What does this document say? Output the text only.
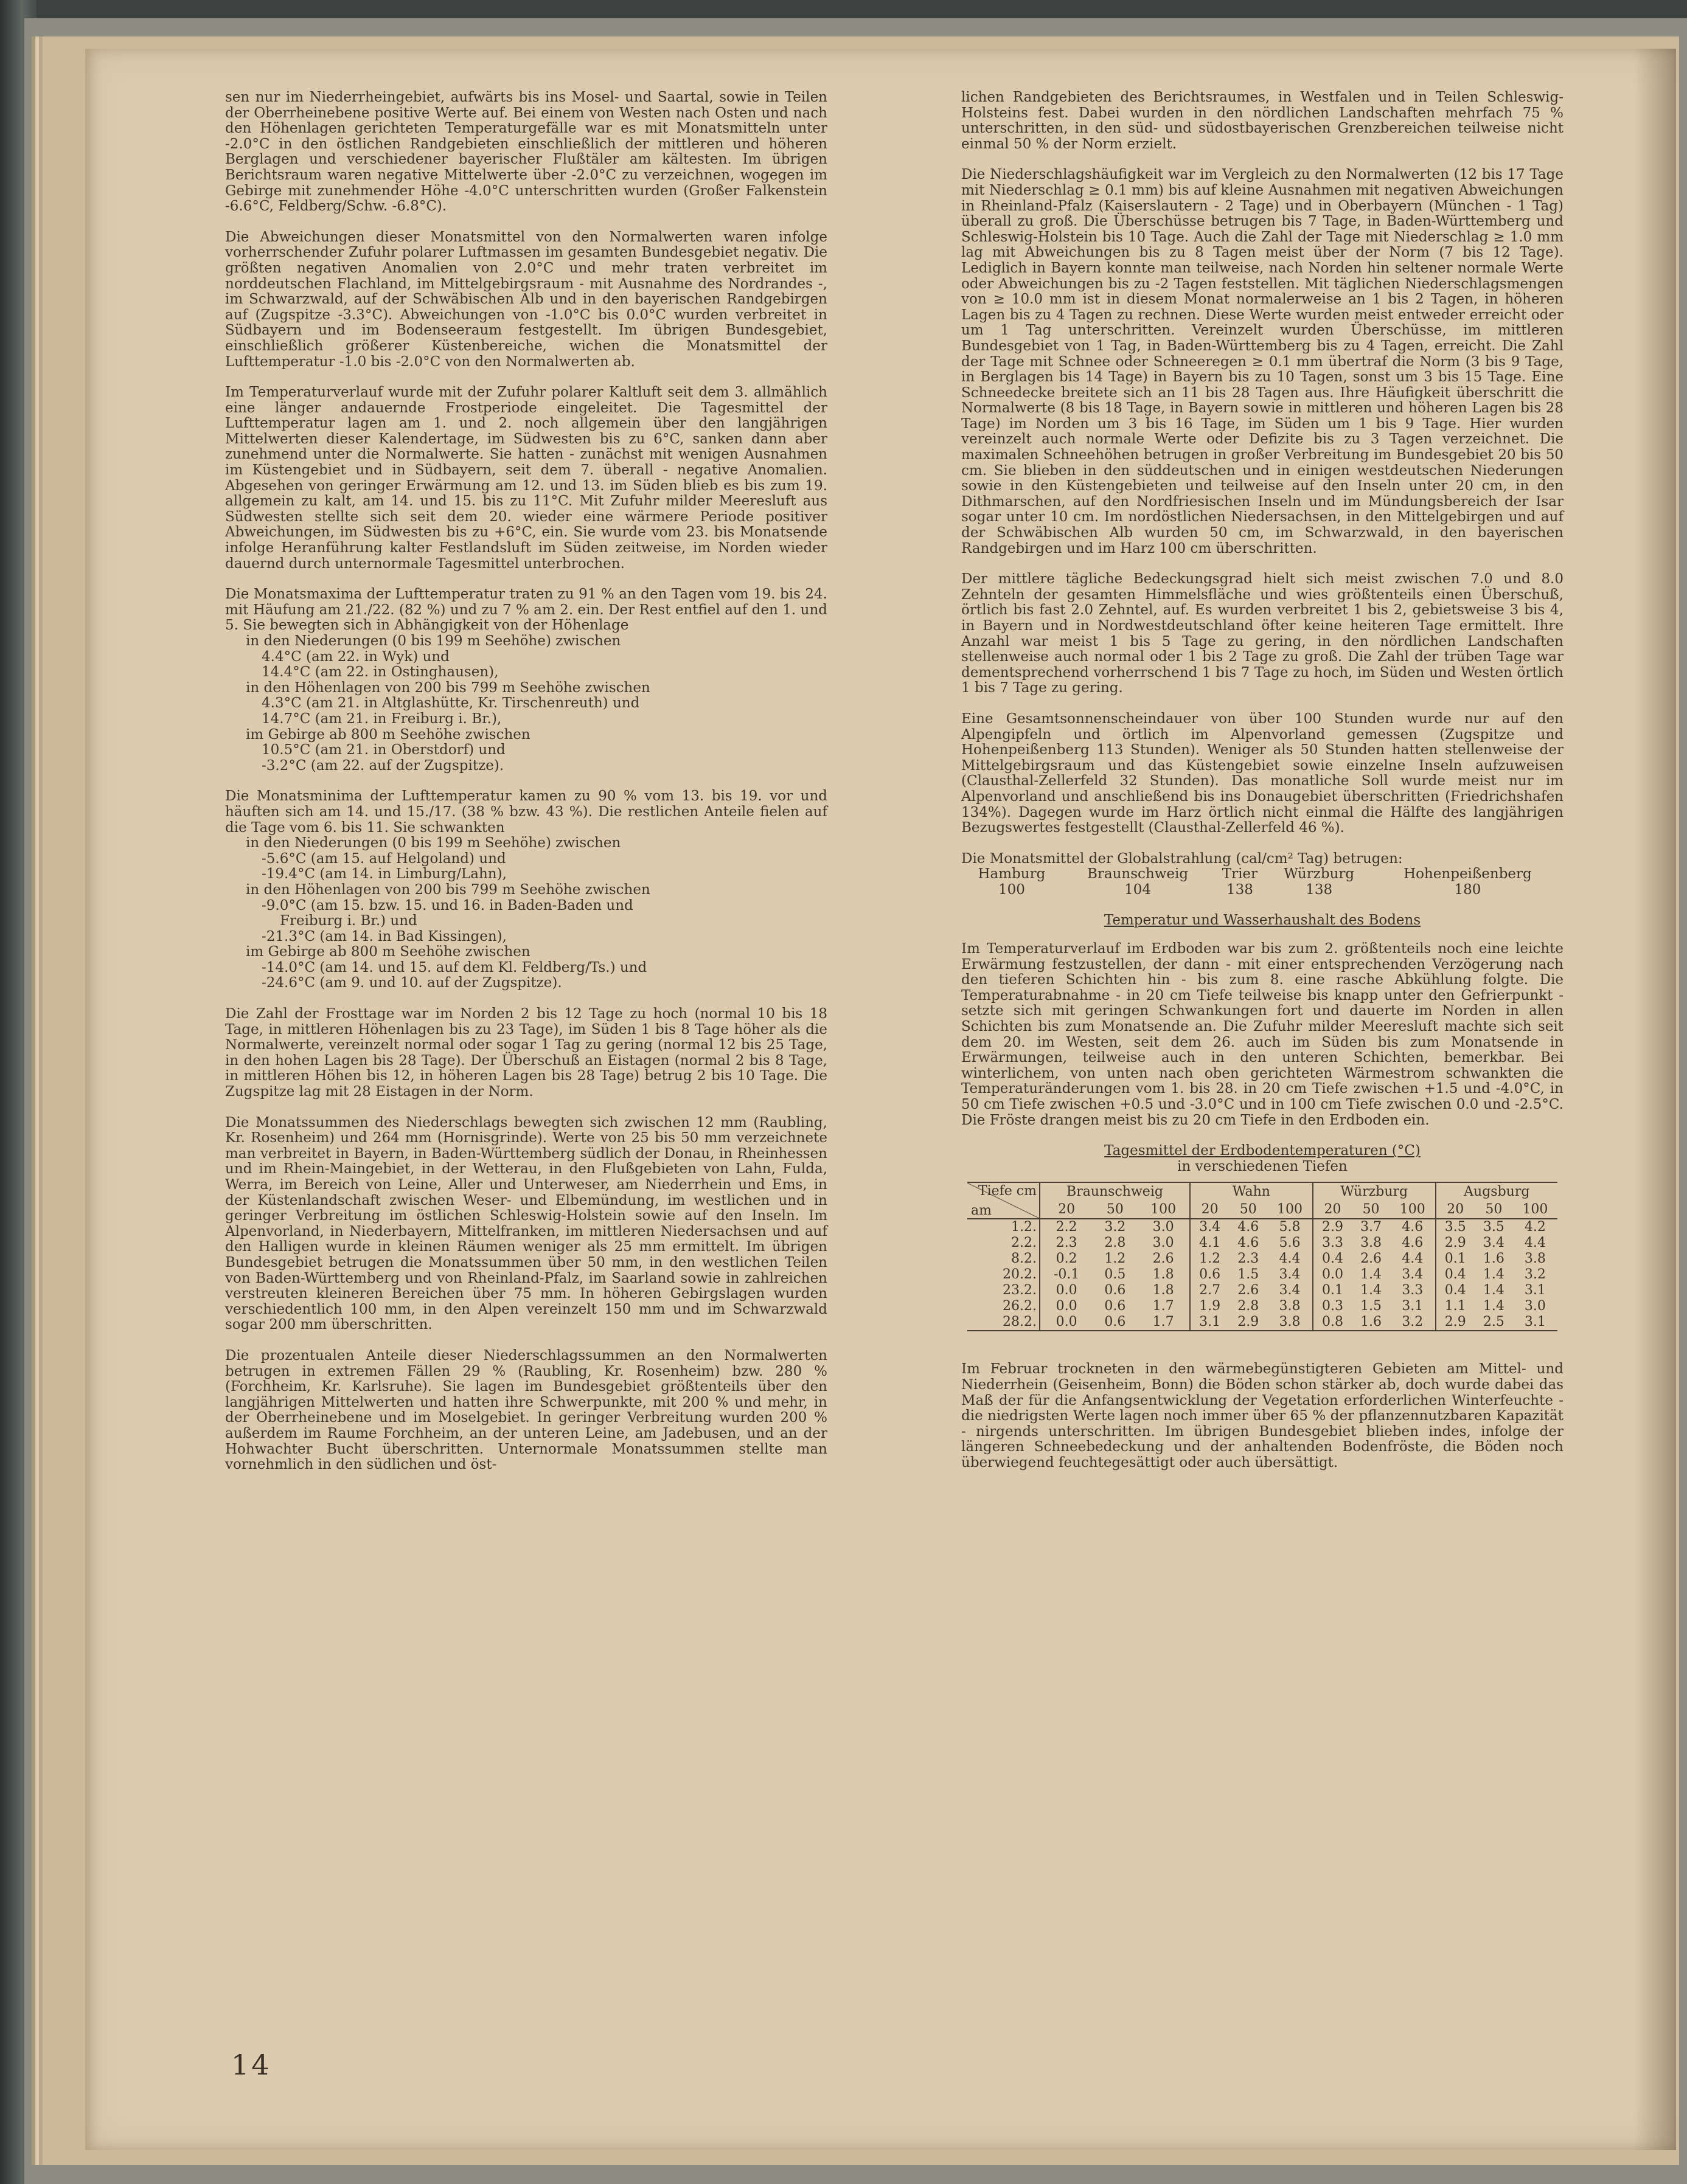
sen nur im Niederrheingebiet, aufwärts bis ins Mosel- und Saartal, sowie in Teilen der Oberrheinebene positive Werte auf. Bei einem von Westen nach Osten und nach den Höhenlagen gerichteten Temperaturgefälle war es mit Monatsmitteln unter -2.0°C in den östlichen Randgebieten einschließlich der mittleren und höheren Berglagen und verschiedener bayerischer Flußtäler am kältesten. Im übrigen Berichtsraum waren negative Mittelwerte über -2.0°C zu verzeichnen, wogegen im Gebirge mit zunehmender Höhe -4.0°C unterschritten wurden (Großer Falkenstein -6.6°C, Feldberg/Schw. -6.8°C).

Die Abweichungen dieser Monatsmittel von den Normalwerten waren infolge vorherrschender Zufuhr polarer Luftmassen im gesamten Bundesgebiet negativ. Die größten negativen Anomalien von 2.0°C und mehr traten verbreitet im norddeutschen Flachland, im Mittelgebirgsraum - mit Ausnahme des Nordrandes -, im Schwarzwald, auf der Schwäbischen Alb und in den bayerischen Randgebirgen auf (Zugspitze -3.3°C). Abweichungen von -1.0°C bis 0.0°C wurden verbreitet in Südbayern und im Bodenseeraum festgestellt. Im übrigen Bundesgebiet, einschließlich größerer Küstenbereiche, wichen die Monatsmittel der Lufttemperatur -1.0 bis -2.0°C von den Normalwerten ab.

Im Temperaturverlauf wurde mit der Zufuhr polarer Kaltluft seit dem 3. allmählich eine länger andauernde Frostperiode eingeleitet. Die Tagesmittel der Lufttemperatur lagen am 1. und 2. noch allgemein über den langjährigen Mittelwerten dieser Kalendertage, im Südwesten bis zu 6°C, sanken dann aber zunehmend unter die Normalwerte. Sie hatten - zunächst mit wenigen Ausnahmen im Küstengebiet und in Südbayern, seit dem 7. überall - negative Anomalien. Abgesehen von geringer Erwärmung am 12. und 13. im Süden blieb es bis zum 19. allgemein zu kalt, am 14. und 15. bis zu 11°C. Mit Zufuhr milder Meeresluft aus Südwesten stellte sich seit dem 20. wieder eine wärmere Periode positiver Abweichungen, im Südwesten bis zu +6°C, ein. Sie wurde vom 23. bis Monatsende infolge Heranführung kalter Festlandsluft im Süden zeitweise, im Norden wieder dauernd durch unternormale Tagesmittel unterbrochen.

Die Monatsmaxima der Lufttemperatur traten zu 91 % an den Tagen vom 19. bis 24. mit Häufung am 21./22. (82 %) und zu 7 % am 2. ein. Der Rest entfiel auf den 1. und 5. Sie bewegten sich in Abhängigkeit von der Höhenlage

in den Niederungen (0 bis 199 m Seehöhe) zwischen
4.4°C (am 22. in Wyk) und
14.4°C (am 22. in Ostinghausen),
in den Höhenlagen von 200 bis 799 m Seehöhe zwischen
4.3°C (am 21. in Altglashütte, Kr. Tirschenreuth) und
14.7°C (am 21. in Freiburg i. Br.),
im Gebirge ab 800 m Seehöhe zwischen
10.5°C (am 21. in Oberstdorf) und
-3.2°C (am 22. auf der Zugspitze).

Die Monatsminima der Lufttemperatur kamen zu 90 % vom 13. bis 19. vor und häuften sich am 14. und 15./17. (38 % bzw. 43 %). Die restlichen Anteile fielen auf die Tage vom 6. bis 11. Sie schwankten

in den Niederungen (0 bis 199 m Seehöhe) zwischen
-5.6°C (am 15. auf Helgoland) und
-19.4°C (am 14. in Limburg/Lahn),
in den Höhenlagen von 200 bis 799 m Seehöhe zwischen
-9.0°C (am 15. bzw. 15. und 16. in Baden-Baden und
Freiburg i. Br.) und
-21.3°C (am 14. in Bad Kissingen),
im Gebirge ab 800 m Seehöhe zwischen
-14.0°C (am 14. und 15. auf dem Kl. Feldberg/Ts.) und
-24.6°C (am 9. und 10. auf der Zugspitze).

Die Zahl der Frosttage war im Norden 2 bis 12 Tage zu hoch (normal 10 bis 18 Tage, in mittleren Höhenlagen bis zu 23 Tage), im Süden 1 bis 8 Tage höher als die Normalwerte, vereinzelt normal oder sogar 1 Tag zu gering (normal 12 bis 25 Tage, in den hohen Lagen bis 28 Tage). Der Überschuß an Eistagen (normal 2 bis 8 Tage, in mittleren Höhen bis 12, in höheren Lagen bis 28 Tage) betrug 2 bis 10 Tage. Die Zugspitze lag mit 28 Eistagen in der Norm.

Die Monatssummen des Niederschlags bewegten sich zwischen 12 mm (Raubling, Kr. Rosenheim) und 264 mm (Hornisgrinde). Werte von 25 bis 50 mm verzeichnete man verbreitet in Bayern, in Baden-Württemberg südlich der Donau, in Rheinhessen und im Rhein-Maingebiet, in der Wetterau, in den Flußgebieten von Lahn, Fulda, Werra, im Bereich von Leine, Aller und Unterweser, am Niederrhein und Ems, in der Küstenlandschaft zwischen Weser- und Elbemündung, im westlichen und in geringer Verbreitung im östlichen Schleswig-Holstein sowie auf den Inseln. Im Alpenvorland, in Niederbayern, Mittelfranken, im mittleren Niedersachsen und auf den Halligen wurde in kleinen Räumen weniger als 25 mm ermittelt. Im übrigen Bundesgebiet betrugen die Monatssummen über 50 mm, in den westlichen Teilen von Baden-Württemberg und von Rheinland-Pfalz, im Saarland sowie in zahlreichen verstreuten kleineren Bereichen über 75 mm. In höheren Gebirgslagen wurden verschiedentlich 100 mm, in den Alpen vereinzelt 150 mm und im Schwarzwald sogar 200 mm überschritten.

Die prozentualen Anteile dieser Niederschlagssummen an den Normalwerten betrugen in extremen Fällen 29 % (Raubling, Kr. Rosenheim) bzw. 280 % (Forchheim, Kr. Karlsruhe). Sie lagen im Bundesgebiet größtenteils über den langjährigen Mittelwerten und hatten ihre Schwerpunkte, mit 200 % und mehr, in der Oberrheinebene und im Moselgebiet. In geringer Verbreitung wurden 200 % außerdem im Raume Forchheim, an der unteren Leine, am Jadebusen, und an der Hohwachter Bucht überschritten. Unternormale Monatssummen stellte man vornehmlich in den südlichen und öst-

lichen Randgebieten des Berichtsraumes, in Westfalen und in Teilen Schleswig-Holsteins fest. Dabei wurden in den nördlichen Landschaften mehrfach 75 % unterschritten, in den süd- und südostbayerischen Grenzbereichen teilweise nicht einmal 50 % der Norm erzielt.

Die Niederschlagshäufigkeit war im Vergleich zu den Normalwerten (12 bis 17 Tage mit Niederschlag ≥ 0.1 mm) bis auf kleine Ausnahmen mit negativen Abweichungen in Rheinland-Pfalz (Kaiserslautern - 2 Tage) und in Oberbayern (München - 1 Tag) überall zu groß. Die Überschüsse betrugen bis 7 Tage, in Baden-Württemberg und Schleswig-Holstein bis 10 Tage. Auch die Zahl der Tage mit Niederschlag ≥ 1.0 mm lag mit Abweichungen bis zu 8 Tagen meist über der Norm (7 bis 12 Tage). Lediglich in Bayern konnte man teilweise, nach Norden hin seltener normale Werte oder Abweichungen bis zu -2 Tagen feststellen. Mit täglichen Niederschlagsmengen von ≥ 10.0 mm ist in diesem Monat normalerweise an 1 bis 2 Tagen, in höheren Lagen bis zu 4 Tagen zu rechnen. Diese Werte wurden meist entweder erreicht oder um 1 Tag unterschritten. Vereinzelt wurden Überschüsse, im mittleren Bundesgebiet von 1 Tag, in Baden-Württemberg bis zu 4 Tagen, erreicht. Die Zahl der Tage mit Schnee oder Schneeregen ≥ 0.1 mm übertraf die Norm (3 bis 9 Tage, in Berglagen bis 14 Tage) in Bayern bis zu 10 Tagen, sonst um 3 bis 15 Tage. Eine Schneedecke breitete sich an 11 bis 28 Tagen aus. Ihre Häufigkeit überschritt die Normalwerte (8 bis 18 Tage, in Bayern sowie in mittleren und höheren Lagen bis 28 Tage) im Norden um 3 bis 16 Tage, im Süden um 1 bis 9 Tage. Hier wurden vereinzelt auch normale Werte oder Defizite bis zu 3 Tagen verzeichnet. Die maximalen Schneehöhen betrugen in großer Verbreitung im Bundesgebiet 20 bis 50 cm. Sie blieben in den süddeutschen und in einigen westdeutschen Niederungen sowie in den Küstengebieten und teilweise auf den Inseln unter 20 cm, in den Dithmarschen, auf den Nordfriesischen Inseln und im Mündungsbereich der Isar sogar unter 10 cm. Im nordöstlichen Niedersachsen, in den Mittelgebirgen und auf der Schwäbischen Alb wurden 50 cm, im Schwarzwald, in den bayerischen Randgebirgen und im Harz 100 cm überschritten.

Der mittlere tägliche Bedeckungsgrad hielt sich meist zwischen 7.0 und 8.0 Zehnteln der gesamten Himmelsfläche und wies größtenteils einen Überschuß, örtlich bis fast 2.0 Zehntel, auf. Es wurden verbreitet 1 bis 2, gebietsweise 3 bis 4, in Bayern und in Nordwestdeutschland öfter keine heiteren Tage ermittelt. Ihre Anzahl war meist 1 bis 5 Tage zu gering, in den nördlichen Landschaften stellenweise auch normal oder 1 bis 2 Tage zu groß. Die Zahl der trüben Tage war dementsprechend vorherrschend 1 bis 7 Tage zu hoch, im Süden und Westen örtlich 1 bis 7 Tage zu gering.

Eine Gesamtsonnenscheindauer von über 100 Stunden wurde nur auf den Alpengipfeln und örtlich im Alpenvorland gemessen (Zugspitze und Hohenpeißenberg 113 Stunden). Weniger als 50 Stunden hatten stellenweise der Mittelgebirgsraum und das Küstengebiet sowie einzelne Inseln aufzuweisen (Clausthal-Zellerfeld 32 Stunden). Das monatliche Soll wurde meist nur im Alpenvorland und anschließend bis ins Donaugebiet überschritten (Friedrichshafen 134%). Dagegen wurde im Harz örtlich nicht einmal die Hälfte des langjährigen Bezugswertes festgestellt (Clausthal-Zellerfeld 46 %).

Die Monatsmittel der Globalstrahlung (cal/cm² Tag) betrugen:

Hamburg	Braunschweig	Trier	Würzburg	Hohenpeißenberg
100	104	138	138	180
Temperatur und Wasserhaushalt des Bodens

Im Temperaturverlauf im Erdboden war bis zum 2. größtenteils noch eine leichte Erwärmung festzustellen, der dann - mit einer entsprechenden Verzögerung nach den tieferen Schichten hin - bis zum 8. eine rasche Abkühlung folgte. Die Temperaturabnahme - in 20 cm Tiefe teilweise bis knapp unter den Gefrierpunkt - setzte sich mit geringen Schwankungen fort und dauerte im Norden in allen Schichten bis zum Monatsende an. Die Zufuhr milder Meeresluft machte sich seit dem 20. im Westen, seit dem 26. auch im Süden bis zum Monatsende in Erwärmungen, teilweise auch in den unteren Schichten, bemerkbar. Bei winterlichem, von unten nach oben gerichteten Wärmestrom schwankten die Temperaturänderungen vom 1. bis 28. in 20 cm Tiefe zwischen +1.5 und -4.0°C, in 50 cm Tiefe zwischen +0.5 und -3.0°C und in 100 cm Tiefe zwischen 0.0 und -2.5°C. Die Fröste drangen meist bis zu 20 cm Tiefe in den Erdboden ein.

Tagesmittel der Erdbodentemperaturen (°C)
in verschiedenen Tiefen
Tiefe cm
am	Braunschweig			Wahn			Würzburg			Augsburg		
	20	50	100	20	50	100	20	50	100	20	50	100
1.2.	2.2	3.2	3.0	3.4	4.6	5.8	2.9	3.7	4.6	3.5	3.5	4.2
2.2.	2.3	2.8	3.0	4.1	4.6	5.6	3.3	3.8	4.6	2.9	3.4	4.4
8.2.	0.2	1.2	2.6	1.2	2.3	4.4	0.4	2.6	4.4	0.1	1.6	3.8
20.2.	-0.1	0.5	1.8	0.6	1.5	3.4	0.0	1.4	3.4	0.4	1.4	3.2
23.2.	0.0	0.6	1.8	2.7	2.6	3.4	0.1	1.4	3.3	0.4	1.4	3.1
26.2.	0.0	0.6	1.7	1.9	2.8	3.8	0.3	1.5	3.1	1.1	1.4	3.0
28.2.	0.0	0.6	1.7	3.1	2.9	3.8	0.8	1.6	3.2	2.9	2.5	3.1

Im Februar trockneten in den wärmebegünstigteren Gebieten am Mittel- und Niederrhein (Geisenheim, Bonn) die Böden schon stärker ab, doch wurde dabei das Maß der für die Anfangsentwicklung der Vegetation erforderlichen Winterfeuchte - die niedrigsten Werte lagen noch immer über 65 % der pflanzennutzbaren Kapazität - nirgends unterschritten. Im übrigen Bundesgebiet blieben indes, infolge der längeren Schneebedeckung und der anhaltenden Bodenfröste, die Böden noch überwiegend feuchtegesättigt oder auch übersättigt.

14
